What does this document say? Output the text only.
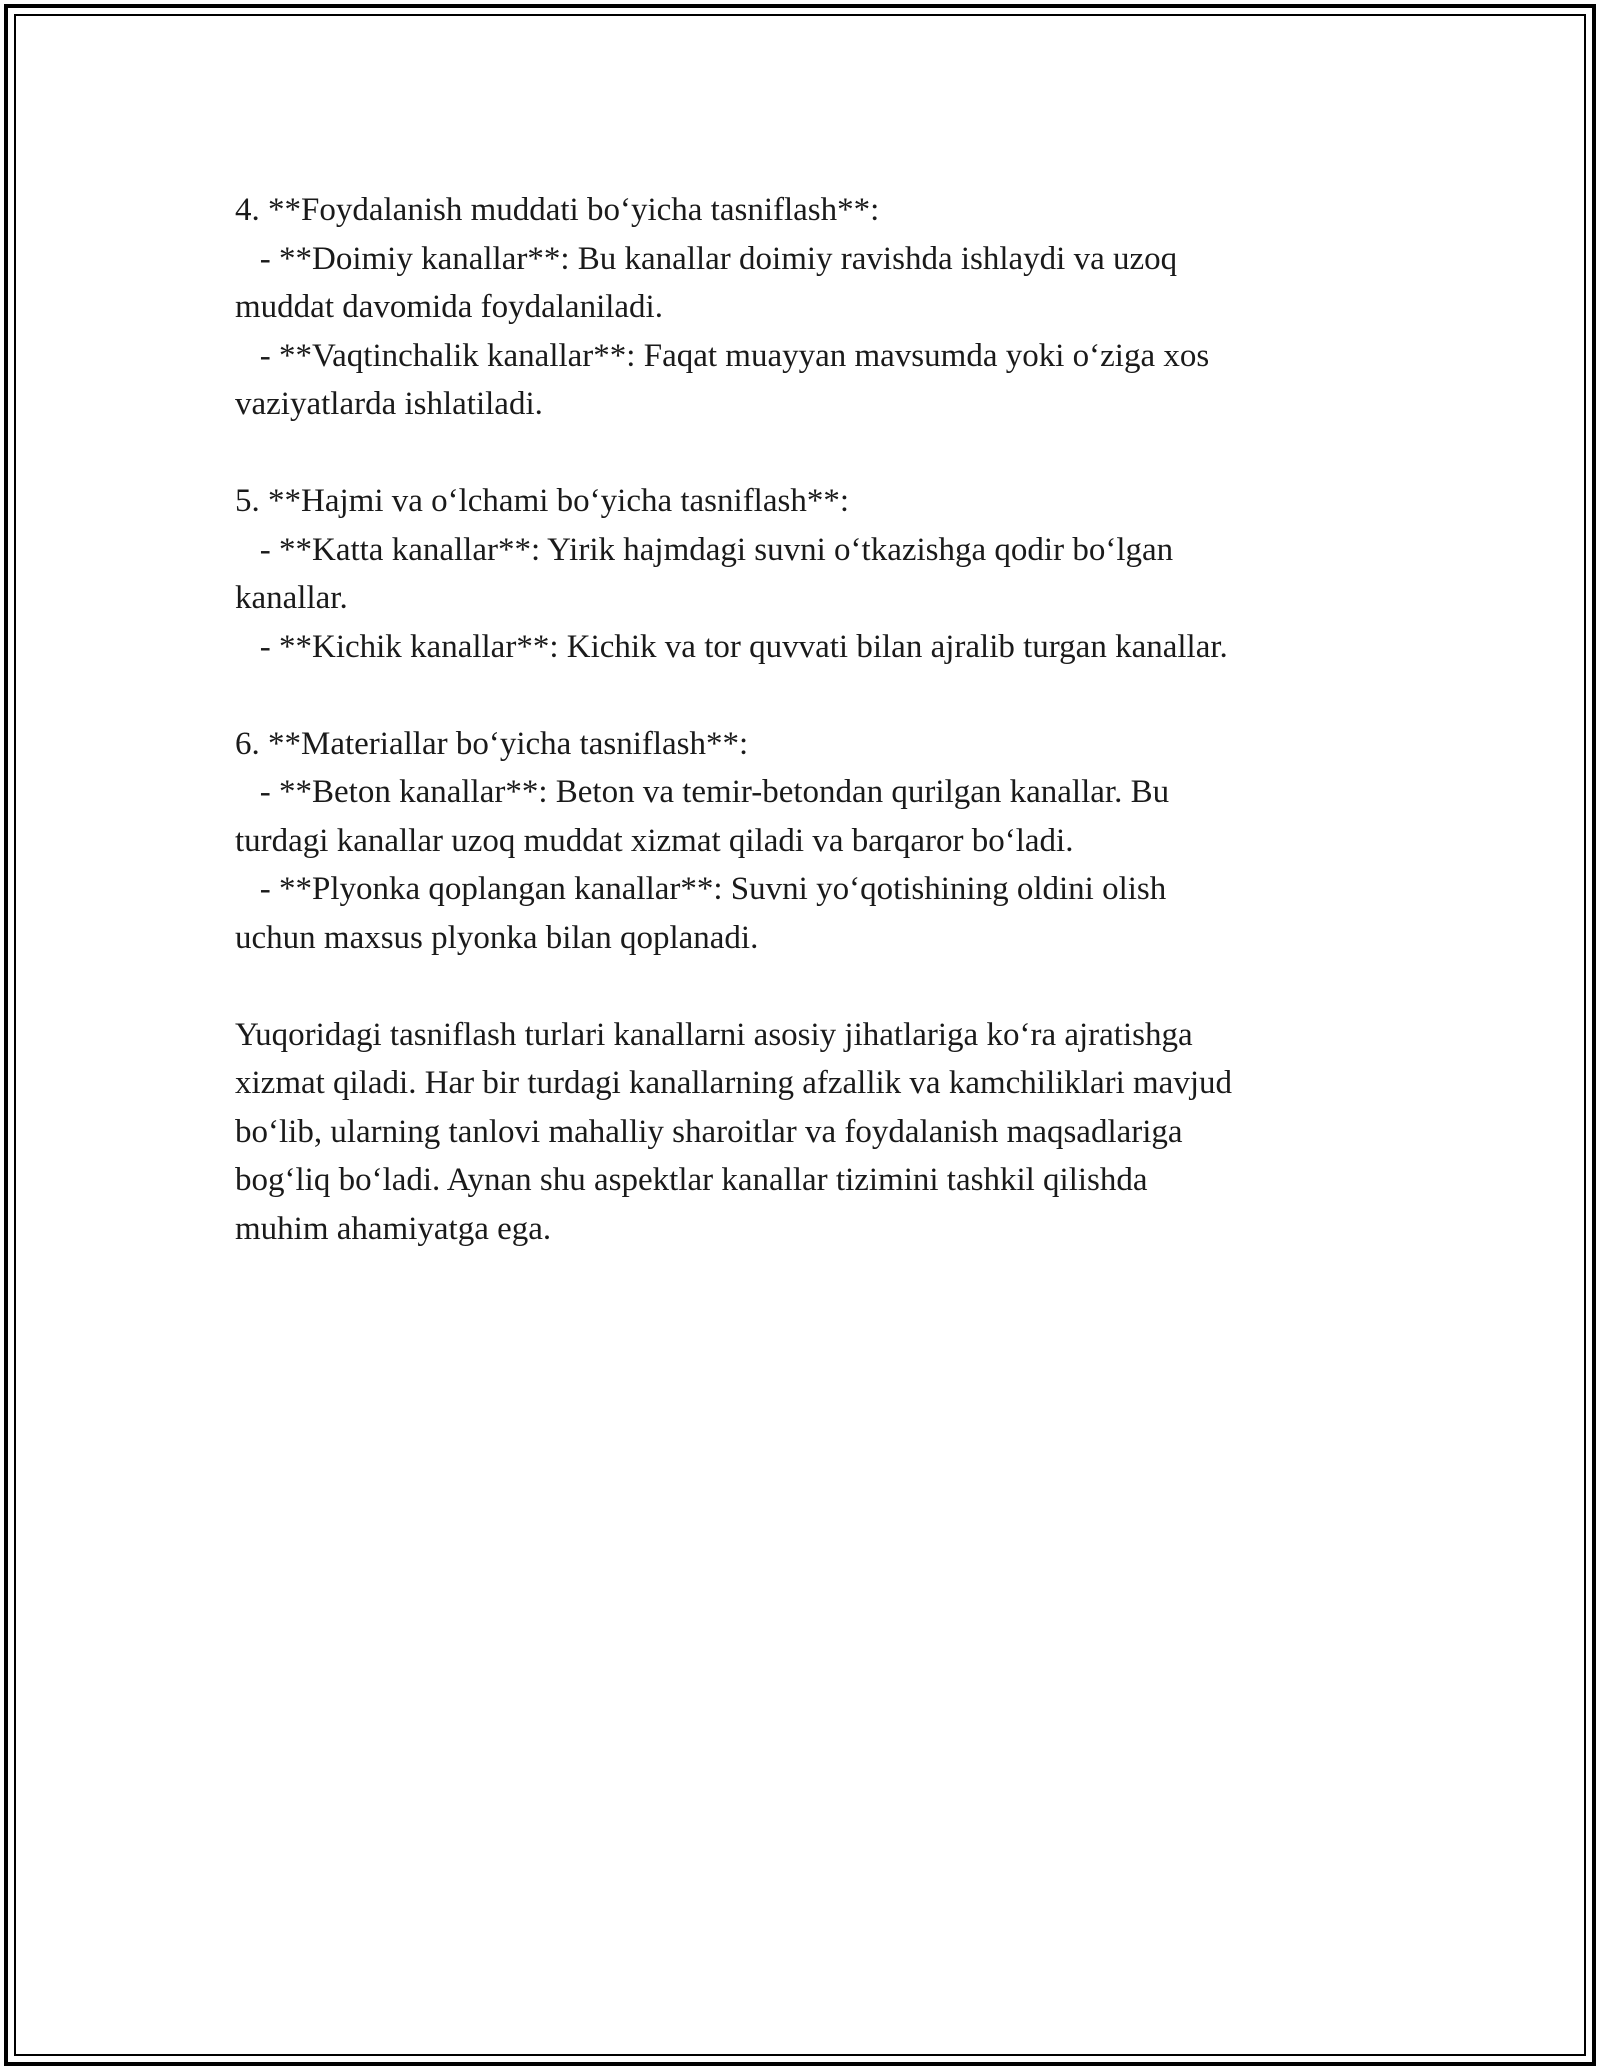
4. **Foydalanish muddati bo‘yicha tasniflash**:
- **Doimiy kanallar**: Bu kanallar doimiy ravishda ishlaydi va uzoq
muddat davomida foydalaniladi.
- **Vaqtinchalik kanallar**: Faqat muayyan mavsumda yoki o‘ziga xos
vaziyatlarda ishlatiladi.
5. **Hajmi va o‘lchami bo‘yicha tasniflash**:
- **Katta kanallar**: Yirik hajmdagi suvni o‘tkazishga qodir bo‘lgan
kanallar.
- **Kichik kanallar**: Kichik va tor quvvati bilan ajralib turgan kanallar.
6. **Materiallar bo‘yicha tasniflash**:
- **Beton kanallar**: Beton va temir-betondan qurilgan kanallar. Bu
turdagi kanallar uzoq muddat xizmat qiladi va barqaror bo‘ladi.
- **Plyonka qoplangan kanallar**: Suvni yo‘qotishining oldini olish
uchun maxsus plyonka bilan qoplanadi.
Yuqoridagi tasniflash turlari kanallarni asosiy jihatlariga ko‘ra ajratishga
xizmat qiladi. Har bir turdagi kanallarning afzallik va kamchiliklari mavjud
bo‘lib, ularning tanlovi mahalliy sharoitlar va foydalanish maqsadlariga
bog‘liq bo‘ladi. Aynan shu aspektlar kanallar tizimini tashkil qilishda
muhim ahamiyatga ega.
